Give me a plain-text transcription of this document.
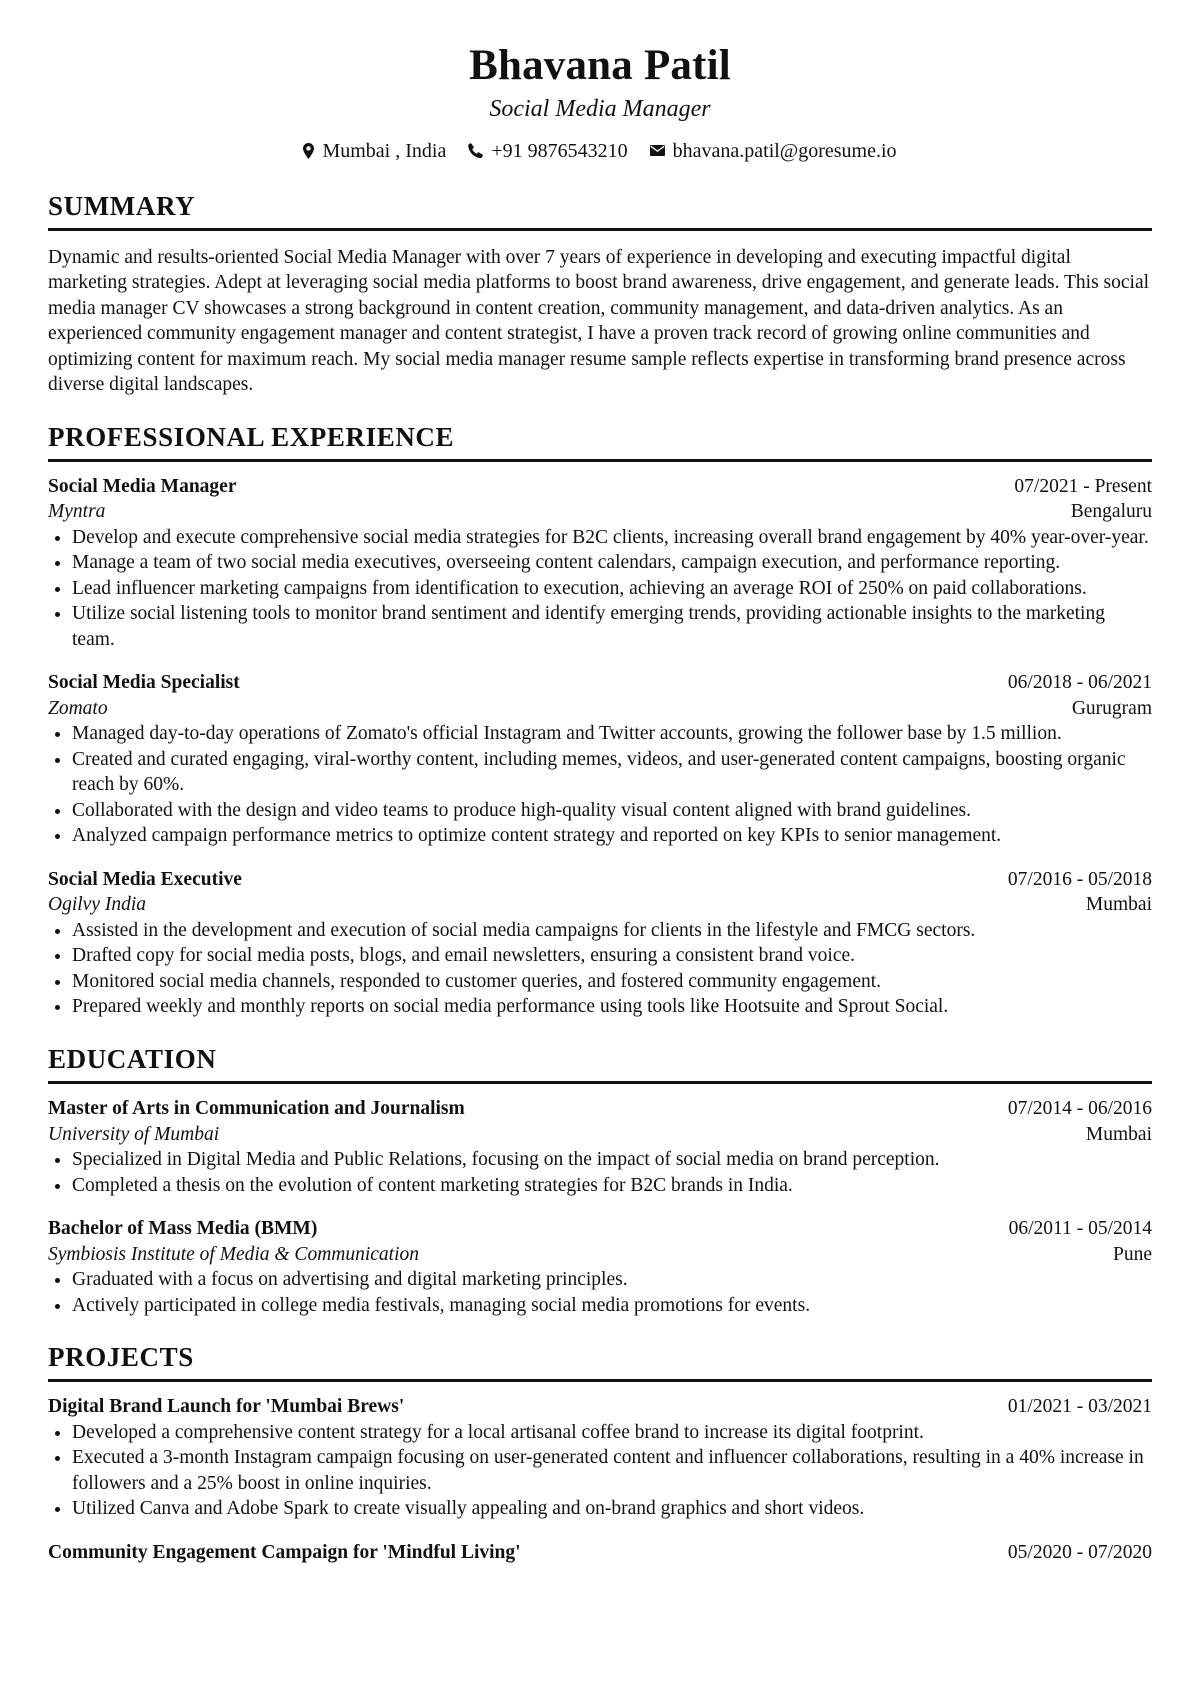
Bhavana Patil
Social Media Manager
Mumbai , India +91 9876543210 bhavana.patil@goresume.io
SUMMARY
Dynamic and results-oriented Social Media Manager with over 7 years of experience in developing and executing impactful digital marketing strategies. Adept at leveraging social media platforms to boost brand awareness, drive engagement, and generate leads. This social media manager CV showcases a strong background in content creation, community management, and data-driven analytics. As an experienced community engagement manager and content strategist, I have a proven track record of growing online communities and optimizing content for maximum reach. My social media manager resume sample reflects expertise in transforming brand presence across diverse digital landscapes.
PROFESSIONAL EXPERIENCE
Social Media Manager	07/2021 - Present
Myntra	Bengaluru
• Develop and execute comprehensive social media strategies for B2C clients, increasing overall brand engagement by 40% year-over-year.
• Manage a team of two social media executives, overseeing content calendars, campaign execution, and performance reporting.
• Lead influencer marketing campaigns from identification to execution, achieving an average ROI of 250% on paid collaborations.
• Utilize social listening tools to monitor brand sentiment and identify emerging trends, providing actionable insights to the marketing team.
Social Media Specialist	06/2018 - 06/2021
Zomato	Gurugram
• Managed day-to-day operations of Zomato's official Instagram and Twitter accounts, growing the follower base by 1.5 million.
• Created and curated engaging, viral-worthy content, including memes, videos, and user-generated content campaigns, boosting organic reach by 60%.
• Collaborated with the design and video teams to produce high-quality visual content aligned with brand guidelines.
• Analyzed campaign performance metrics to optimize content strategy and reported on key KPIs to senior management.
Social Media Executive	07/2016 - 05/2018
Ogilvy India	Mumbai
• Assisted in the development and execution of social media campaigns for clients in the lifestyle and FMCG sectors.
• Drafted copy for social media posts, blogs, and email newsletters, ensuring a consistent brand voice.
• Monitored social media channels, responded to customer queries, and fostered community engagement.
• Prepared weekly and monthly reports on social media performance using tools like Hootsuite and Sprout Social.
EDUCATION
Master of Arts in Communication and Journalism	07/2014 - 06/2016
University of Mumbai	Mumbai
• Specialized in Digital Media and Public Relations, focusing on the impact of social media on brand perception.
• Completed a thesis on the evolution of content marketing strategies for B2C brands in India.
Bachelor of Mass Media (BMM)	06/2011 - 05/2014
Symbiosis Institute of Media & Communication	Pune
• Graduated with a focus on advertising and digital marketing principles.
• Actively participated in college media festivals, managing social media promotions for events.
PROJECTS
Digital Brand Launch for 'Mumbai Brews'	01/2021 - 03/2021
• Developed a comprehensive content strategy for a local artisanal coffee brand to increase its digital footprint.
• Executed a 3-month Instagram campaign focusing on user-generated content and influencer collaborations, resulting in a 40% increase in followers and a 25% boost in online inquiries.
• Utilized Canva and Adobe Spark to create visually appealing and on-brand graphics and short videos.
Community Engagement Campaign for 'Mindful Living'	05/2020 - 07/2020
